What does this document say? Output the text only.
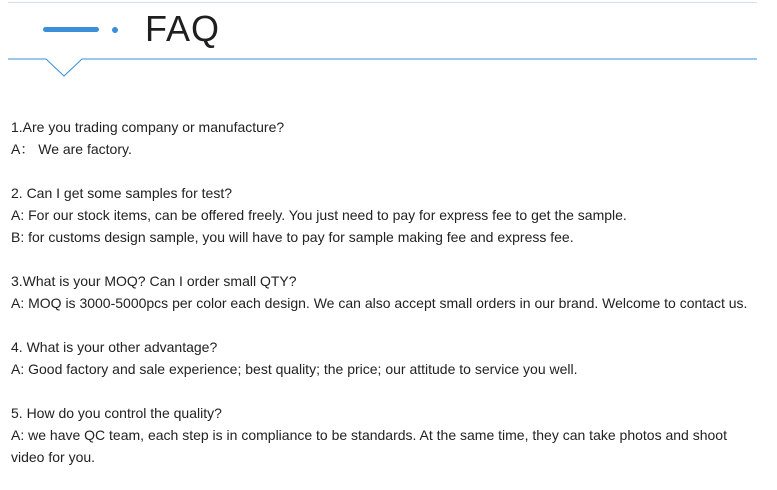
FAQ

1.Are you trading company or manufacture?

A： We are factory.

2. Can I get some samples for test?

A: For our stock items, can be offered freely. You just need to pay for express fee to get the sample.

B: for customs design sample, you will have to pay for sample making fee and express fee.

3.What is your MOQ? Can I order small QTY?

A: MOQ is 3000-5000pcs per color each design. We can also accept small orders in our brand. Welcome to contact us.

4. What is your other advantage?

A: Good factory and sale experience; best quality; the price; our attitude to service you well.

5. How do you control the quality?

A: we have QC team, each step is in compliance to be standards. At the same time, they can take photos and shoot video for you.
